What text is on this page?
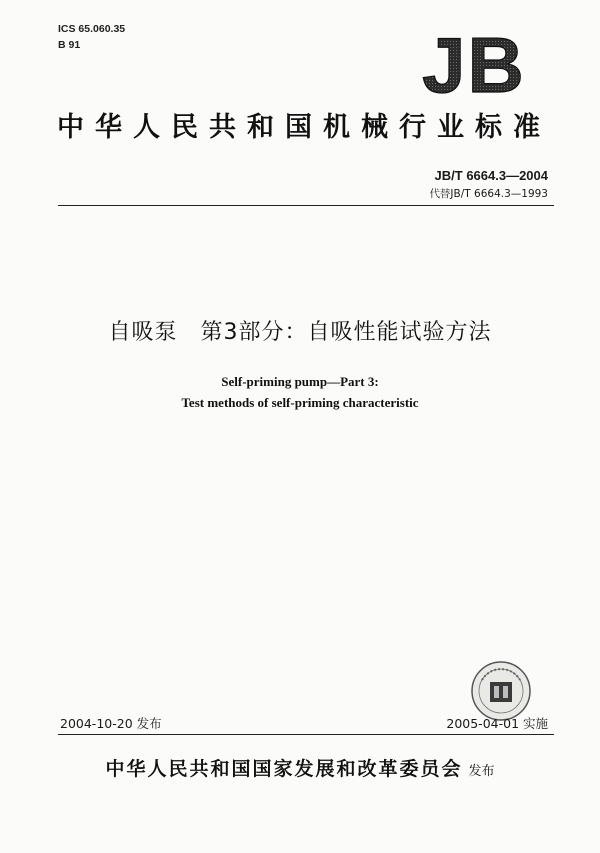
ICS 65.060.35
B 91	JB
中华人民共和国机械行业标准
JB/T 6664.3—2004
代替JB/T 6664.3—1993
自吸泵　第3部分：自吸性能试验方法
Self-priming pump—Part 3:
Test methods of self-priming characteristic
2004-10-20 发布	2005-04-01 实施
中华人民共和国国家发展和改革委员会 发布
